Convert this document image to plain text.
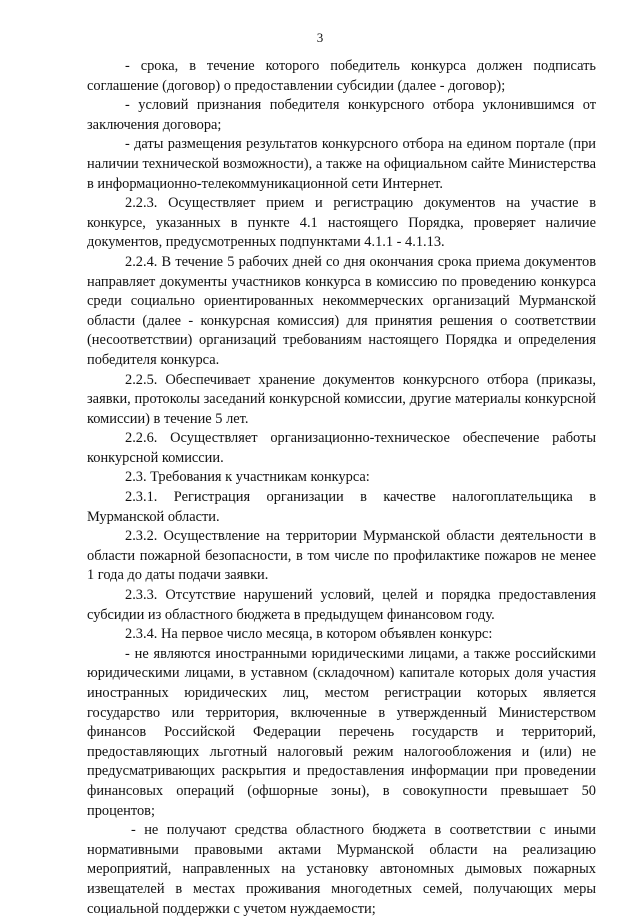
3

- срока, в течение которого победитель конкурса должен подписать соглашение (договор) о предоставлении субсидии (далее - договор);

- условий признания победителя конкурсного отбора уклонившимся от заключения договора;

- даты размещения результатов конкурсного отбора на едином портале (при наличии технической возможности), а также на официальном сайте Министерства в информационно-телекоммуникационной сети Интернет.

2.2.3. Осуществляет прием и регистрацию документов на участие в конкурсе, указанных в пункте 4.1 настоящего Порядка, проверяет наличие документов, предусмотренных подпунктами 4.1.1 - 4.1.13.

2.2.4. В течение 5 рабочих дней со дня окончания срока приема документов направляет документы участников конкурса в комиссию по проведению конкурса среди социально ориентированных некоммерческих организаций Мурманской области (далее - конкурсная комиссия) для принятия решения о соответствии (несоответствии) организаций требованиям настоящего Порядка и определения победителя конкурса.

2.2.5. Обеспечивает хранение документов конкурсного отбора (приказы, заявки, протоколы заседаний конкурсной комиссии, другие материалы конкурсной комиссии) в течение 5 лет.

2.2.6. Осуществляет организационно-техническое обеспечение работы конкурсной комиссии.

2.3. Требования к участникам конкурса:

2.3.1. Регистрация организации в качестве налогоплательщика в Мурманской области.

2.3.2. Осуществление на территории Мурманской области деятельности в области пожарной безопасности, в том числе по профилактике пожаров не менее 1 года до даты подачи заявки.

2.3.3. Отсутствие нарушений условий, целей и порядка предоставления субсидии из областного бюджета в предыдущем финансовом году.

2.3.4. На первое число месяца, в котором объявлен конкурс:

- не являются иностранными юридическими лицами, а также российскими юридическими лицами, в уставном (складочном) капитале которых доля участия иностранных юридических лиц, местом регистрации которых является государство или территория, включенные в утвержденный Министерством финансов Российской Федерации перечень государств и территорий, предоставляющих льготный налоговый режим налогообложения и (или) не предусматривающих раскрытия и предоставления информации при проведении финансовых операций (офшорные зоны), в совокупности превышает 50 процентов;

- не получают средства областного бюджета в соответствии с иными нормативными правовыми актами Мурманской области на реализацию мероприятий, направленных на установку автономных дымовых пожарных извещателей в местах проживания многодетных семей, получающих меры социальной поддержки с учетом нуждаемости;
